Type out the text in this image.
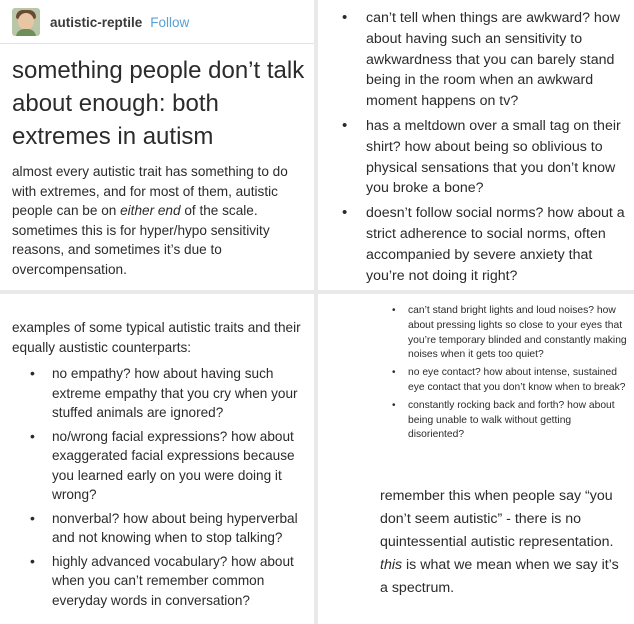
autistic-reptile Follow
something people don’t talk about enough: both extremes in autism

almost every autistic trait has something to do with extremes, and for most of them, autistic people can be on either end of the scale. sometimes this is for hyper/hypo sensitivity reasons, and sometimes it’s due to overcompensation.

• can’t tell when things are awkward? how about having such an sensitivity to awkwardness that you can barely stand being in the room when an awkward moment happens on tv?
• has a meltdown over a small tag on their shirt? how about being so oblivious to physical sensations that you don’t know you broke a bone?
• doesn’t follow social norms? how about a strict adherence to social norms, often accompanied by severe anxiety that you’re not doing it right?

examples of some typical autistic traits and their equally austistic counterparts:

• no empathy? how about having such extreme empathy that you cry when your stuffed animals are ignored?
• no/wrong facial expressions? how about exaggerated facial expressions because you learned early on you were doing it wrong?
• nonverbal? how about being hyperverbal and not knowing when to stop talking?
• highly advanced vocabulary? how about when you can’t remember common everyday words in conversation?
• can’t stand bright lights and loud noises? how about pressing lights so close to your eyes that you’re temporary blinded and constantly making noises when it gets too quiet?
• no eye contact? how about intense, sustained eye contact that you don’t know when to break?
• constantly rocking back and forth? how about being unable to walk without getting disoriented?

remember this when people say “you don’t seem autistic” - there is no quintessential autistic representation. this is what we mean when we say it’s a spectrum.
